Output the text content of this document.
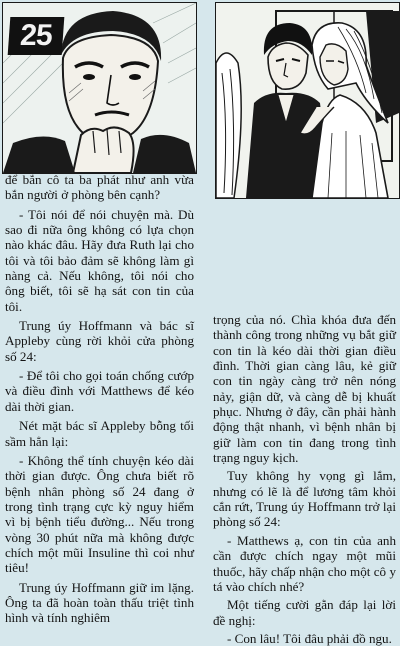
25

để bắn cô ta ba phát như anh vừa bắn người ở phòng bên cạnh?

- Tôi nói để nói chuyện mà. Dù sao đi nữa ông không có lựa chọn nào khác đâu. Hãy đưa Ruth lại cho tôi và tôi bảo đảm sẽ không làm gì nàng cả. Nếu không, tôi nói cho ông biết, tôi sẽ hạ sát con tin của tôi.

Trung úy Hoffmann và bác sĩ Appleby cùng rời khỏi cửa phòng số 24:

- Để tôi cho gọi toán chống cướp và điều đình với Matthews để kéo dài thời gian.

Nét mặt bác sĩ Appleby bỗng tối sầm hẳn lại:

- Không thể tính chuyện kéo dài thời gian được. Ông chưa biết rõ bệnh nhân phòng số 24 đang ở trong tình trạng cực kỳ nguy hiểm vì bị bệnh tiểu đường... Nếu trong vòng 30 phút nữa mà không được chích một mũi Insuline thì coi như tiêu!

Trung úy Hoffmann giữ im lặng. Ông ta đã hoàn toàn thấu triệt tình hình và tính nghiêm

trọng của nó. Chìa khóa đưa đến thành công trong những vụ bắt giữ con tin là kéo dài thời gian điều đình. Thời gian càng lâu, kẻ giữ con tin ngày càng trở nên nóng nảy, giận dữ, và càng dễ bị khuất phục. Nhưng ở đây, cần phải hành động thật nhanh, vì bệnh nhân bị giữ làm con tin đang trong tình trạng nguy kịch.

Tuy không hy vọng gì lắm, nhưng có lẽ là để lương tâm khỏi cắn rứt, Trung úy Hoffmann trở lại phòng số 24:

- Matthews ạ, con tin của anh cần được chích ngay một mũi thuốc, hãy chấp nhận cho một cô y tá vào chích nhé?

Một tiếng cười gằn đáp lại lời đề nghị:

- Con lâu! Tôi đâu phải đồ ngu.
